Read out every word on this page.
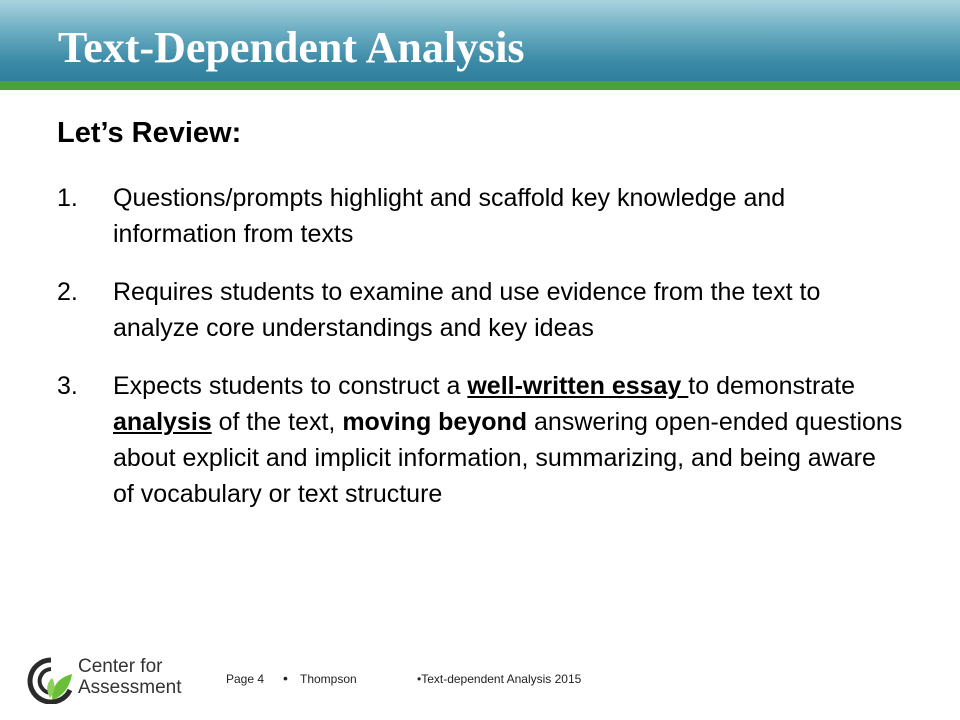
Text-Dependent Analysis
Let’s Review:
1.	Questions/prompts highlight and scaffold key knowledge and information from texts
2.	Requires students to examine and use evidence from the text to analyze core understandings and key ideas
3.	Expects students to construct a well-written essay to demonstrate analysis of the text, moving beyond answering open-ended questions about explicit and implicit information, summarizing, and being aware of vocabulary or text structure
Center for
Assessment	Page 4 • Thompson	•Text-dependent Analysis 2015
